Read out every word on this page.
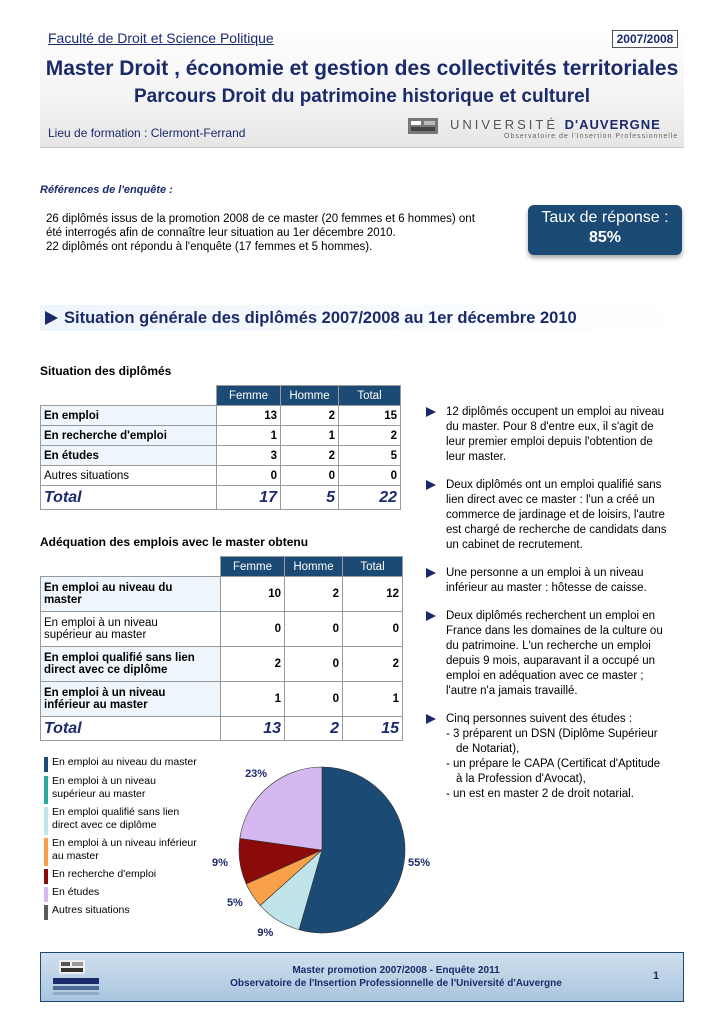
Faculté de Droit et Science Politique	2007/2008
Master Droit , économie et gestion des collectivités territoriales
Parcours Droit du patrimoine historique et culturel
Lieu de formation : Clermont-Ferrand
UNIVERSITÉ D'AUVERGNE
Observatoire de l'Insertion Professionnelle
Références de l'enquête :
26 diplômés issus de la promotion 2008 de ce master (20 femmes et 6 hommes) ont
été interrogés afin de connaître leur situation au 1er décembre 2010.
22 diplômés ont répondu à l'enquête (17 femmes et 5 hommes).
Taux de réponse :
85%
Situation générale des diplômés 2007/2008 au 1er décembre 2010
Situation des diplômés
	Femme	Homme	Total
En emploi	13	2	15
En recherche d'emploi	1	1	2
En études	3	2	5
Autres situations	0	0	0
Total	17	5	22
Adéquation des emplois avec le master obtenu
	Femme	Homme	Total

En emploi au niveau du
master	10	2	12

En emploi à un niveau
supérieur au master	0	0	0

En emploi qualifié sans lien
direct avec ce diplôme	2	0	2

En emploi à un niveau
inférieur au master	1	0	1
Total	13	2	15
12 diplômés occupent un emploi au niveau
du master. Pour 8 d'entre eux, il s'agit de
leur premier emploi depuis l'obtention de
leur master.
Deux diplômés ont un emploi qualifié sans
lien direct avec ce master : l'un a créé un
commerce de jardinage et de loisirs, l'autre
est chargé de recherche de candidats dans
un cabinet de recrutement.
Une personne a un emploi à un niveau
inférieur au master : hôtesse de caisse.
Deux diplômés recherchent un emploi en
France dans les domaines de la culture ou
du patrimoine. L'un recherche un emploi
depuis 9 mois, auparavant il a occupé un
emploi en adéquation avec ce master ;
l'autre n'a jamais travaillé.
Cinq personnes suivent des études :
- 3 préparent un DSN (Diplôme Supérieur
de Notariat),
- un prépare le CAPA (Certificat d'Aptitude
à la Profession d'Avocat),
- un est en master 2 de droit notarial.
En emploi au niveau du master
En emploi à un niveau
supérieur au master
En emploi qualifié sans lien
direct avec ce diplôme
En emploi à un niveau inférieur
au master
En recherche d'emploi
En études
Autres situations
55%
9%
5%
9%
23%
Master promotion 2007/2008 - Enquête 2011
Observatoire de l'Insertion Professionnelle de l'Université d'Auvergne
1
